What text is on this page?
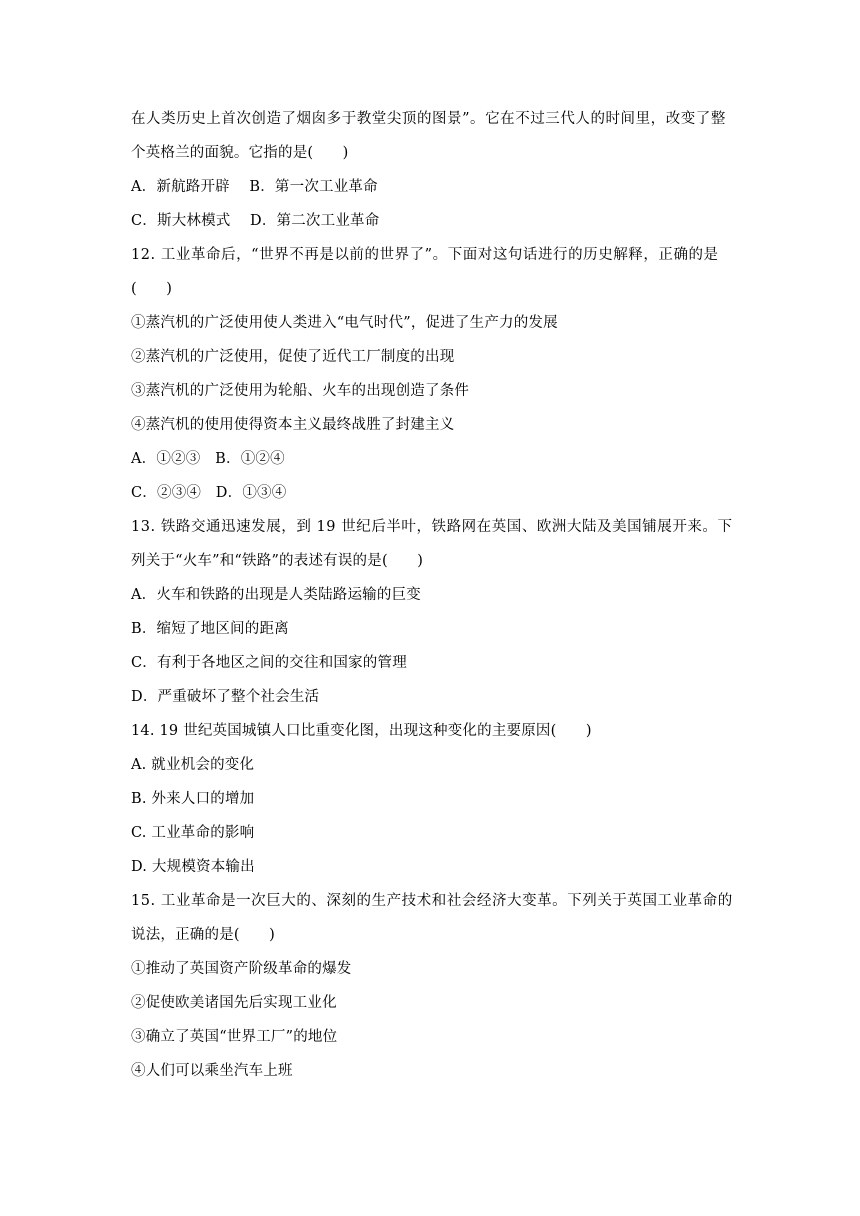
在人类历史上首次创造了烟囱多于教堂尖顶的图景”。它在不过三代人的时间里，改变了整
个英格兰的面貌。它指的是(　　)
A．新航路开辟　 B．第一次工业革命
C．斯大林模式　 D．第二次工业革命
12. 工业革命后，“世界不再是以前的世界了”。下面对这句话进行的历史解释，正确的是
(　　)
①蒸汽机的广泛使用使人类进入“电气时代”，促进了生产力的发展
②蒸汽机的广泛使用，促使了近代工厂制度的出现
③蒸汽机的广泛使用为轮船、火车的出现创造了条件
④蒸汽机的使用使得资本主义最终战胜了封建主义
A．①②③　B．①②④
C．②③④　D．①③④
13. 铁路交通迅速发展，到 19 世纪后半叶，铁路网在英国、欧洲大陆及美国铺展开来。下
列关于“火车”和“铁路”的表述有误的是(　　)
A．火车和铁路的出现是人类陆路运输的巨变
B．缩短了地区间的距离
C．有利于各地区之间的交往和国家的管理
D．严重破坏了整个社会生活
14. 19 世纪英国城镇人口比重变化图，出现这种变化的主要原因(　　)
A. 就业机会的变化
B. 外来人口的增加
C. 工业革命的影响
D. 大规模资本输出
15. 工业革命是一次巨大的、深刻的生产技术和社会经济大变革。下列关于英国工业革命的
说法，正确的是(　　)
①推动了英国资产阶级革命的爆发
②促使欧美诸国先后实现工业化
③确立了英国“世界工厂”的地位
④人们可以乘坐汽车上班
